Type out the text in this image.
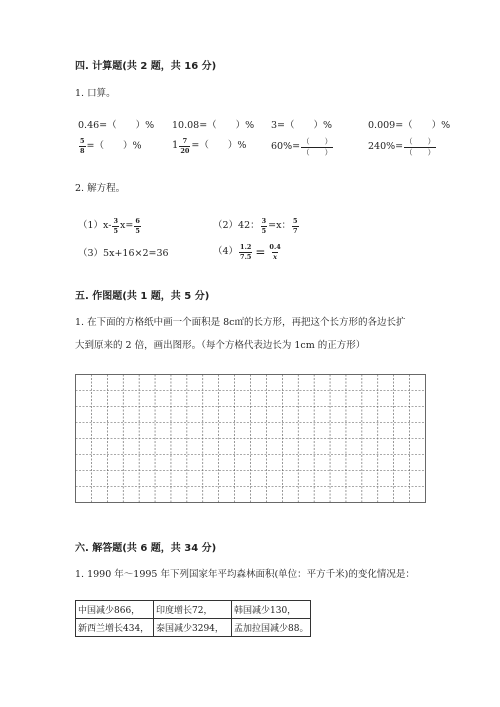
四. 计算题(共 2 题，共 16 分)
1. 口算。
0.46=（　　）% 10.08=（　　）% 3=（　　）%	0.009=（　　）%
$\frac{5}{8}$ =（　　）%	$1 \frac{7}{20}$ =（　　）%	$60\%= \frac{( )}{( )}$	$240\%= \frac{( )}{( )}$
2. 解方程。
$(1)x- \frac{3}{5} x= \frac{6}{5}$	（2）42： $\frac{3}{5} =x$： $\frac{5}{7}$
（3）5x+16×2=36	$(4) \frac{1.2}{7.5} = \frac{0.4}{x}$
五. 作图题(共 1 题，共 5 分)
1. 在下面的方格纸中画一个面积是 8c㎡的长方形，再把这个长方形的各边长扩
大到原来的 2 倍，画出图形。（每个方格代表边长为 1cm 的正方形）
六. 解答题(共 6 题，共 34 分)
1. 1990 年～1995 年下列国家年平均森林面积(单位：平方千米)的变化情况是：
中国减少866，	印度增长72，	韩国减少130，
新西兰增长434，	泰国减少3294，	孟加拉国减少88。
